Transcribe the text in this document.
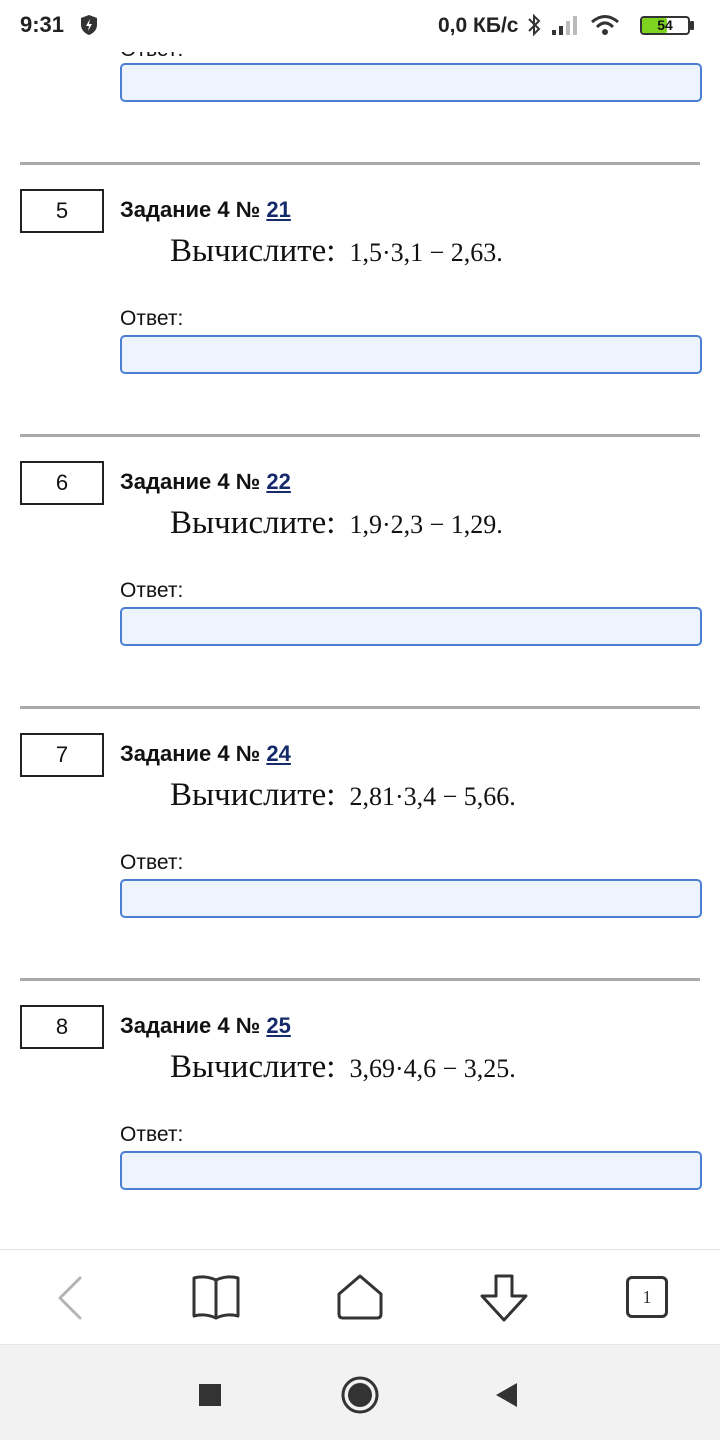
9:31	0,0 КБ/с	54
5	Задание 4 № 21
Вычислите: 1,5·3,1 − 2,63.
Ответ:
6	Задание 4 № 22
Вычислите: 1,9·2,3 − 1,29.
Ответ:
7	Задание 4 № 24
Вычислите: 2,81·3,4 − 5,66.
Ответ:
8	Задание 4 № 25
Вычислите: 3,69·4,6 − 3,25.
Ответ:
1
